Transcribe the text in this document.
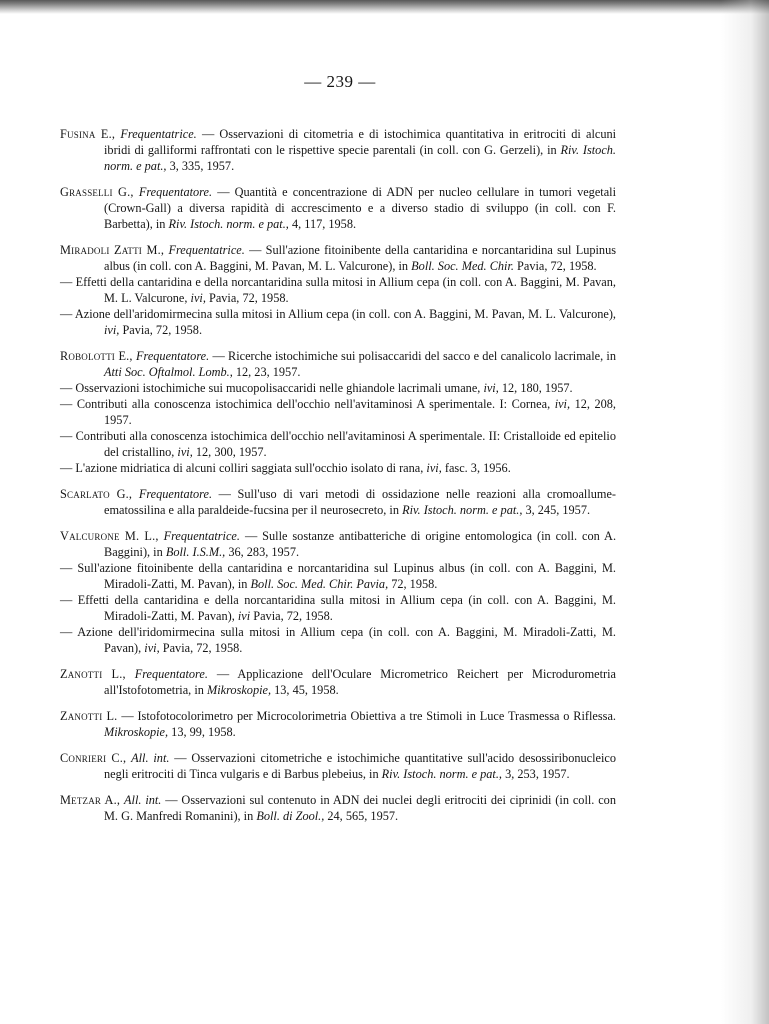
— 239 —

Fusina E., Frequentatrice. — Osservazioni di citometria e di istochimica quantitativa in eritrociti di alcuni ibridi di galliformi raffrontati con le rispettive specie parentali (in coll. con G. Gerzeli), in Riv. Istoch. norm. e pat., 3, 335, 1957.

Grasselli G., Frequentatore. — Quantità e concentrazione di ADN per nucleo cellulare in tumori vegetali (Crown-Gall) a diversa rapidità di accrescimento e a diverso stadio di sviluppo (in coll. con F. Barbetta), in Riv. Istoch. norm. e pat., 4, 117, 1958.

Miradoli Zatti M., Frequentatrice. — Sull'azione fitoinibente della cantaridina e norcantaridina sul Lupinus albus (in coll. con A. Baggini, M. Pavan, M. L. Valcurone), in Boll. Soc. Med. Chir. Pavia, 72, 1958.

— Effetti della cantaridina e della norcantaridina sulla mitosi in Allium cepa (in coll. con A. Baggini, M. Pavan, M. L. Valcurone, ivi, Pavia, 72, 1958.

— Azione dell'aridomirmecina sulla mitosi in Allium cepa (in coll. con A. Baggini, M. Pavan, M. L. Valcurone), ivi, Pavia, 72, 1958.

Robolotti E., Frequentatore. — Ricerche istochimiche sui polisaccaridi del sacco e del canalicolo lacrimale, in Atti Soc. Oftalmol. Lomb., 12, 23, 1957.

— Osservazioni istochimiche sui mucopolisaccaridi nelle ghiandole lacrimali umane, ivi, 12, 180, 1957.

— Contributi alla conoscenza istochimica dell'occhio nell'avitaminosi A sperimentale. I: Cornea, ivi, 12, 208, 1957.

— Contributi alla conoscenza istochimica dell'occhio nell'avitaminosi A sperimentale. II: Cristalloide ed epitelio del cristallino, ivi, 12, 300, 1957.

— L'azione midriatica di alcuni colliri saggiata sull'occhio isolato di rana, ivi, fasc. 3, 1956.

Scarlato G., Frequentatore. — Sull'uso di vari metodi di ossidazione nelle reazioni alla cromoallume-ematossilina e alla paraldeide-fucsina per il neurosecreto, in Riv. Istoch. norm. e pat., 3, 245, 1957.

Valcurone M. L., Frequentatrice. — Sulle sostanze antibatteriche di origine entomologica (in coll. con A. Baggini), in Boll. I.S.M., 36, 283, 1957.

— Sull'azione fitoinibente della cantaridina e norcantaridina sul Lupinus albus (in coll. con A. Baggini, M. Miradoli-Zatti, M. Pavan), in Boll. Soc. Med. Chir. Pavia, 72, 1958.

— Effetti della cantaridina e della norcantaridina sulla mitosi in Allium cepa (in coll. con A. Baggini, M. Miradoli-Zatti, M. Pavan), ivi Pavia, 72, 1958.

— Azione dell'iridomirmecina sulla mitosi in Allium cepa (in coll. con A. Baggini, M. Miradoli-Zatti, M. Pavan), ivi, Pavia, 72, 1958.

Zanotti L., Frequentatore. — Applicazione dell'Oculare Micrometrico Reichert per Microdurometria all'Istofotometria, in Mikroskopie, 13, 45, 1958.

Zanotti L. — Istofotocolorimetro per Microcolorimetria Obiettiva a tre Stimoli in Luce Trasmessa o Riflessa. Mikroskopie, 13, 99, 1958.

Conrieri C., All. int. — Osservazioni citometriche e istochimiche quantitative sull'acido desossiribonucleico negli eritrociti di Tinca vulgaris e di Barbus plebeius, in Riv. Istoch. norm. e pat., 3, 253, 1957.

Metzar A., All. int. — Osservazioni sul contenuto in ADN dei nuclei degli eritrociti dei ciprinidi (in coll. con M. G. Manfredi Romanini), in Boll. di Zool., 24, 565, 1957.
